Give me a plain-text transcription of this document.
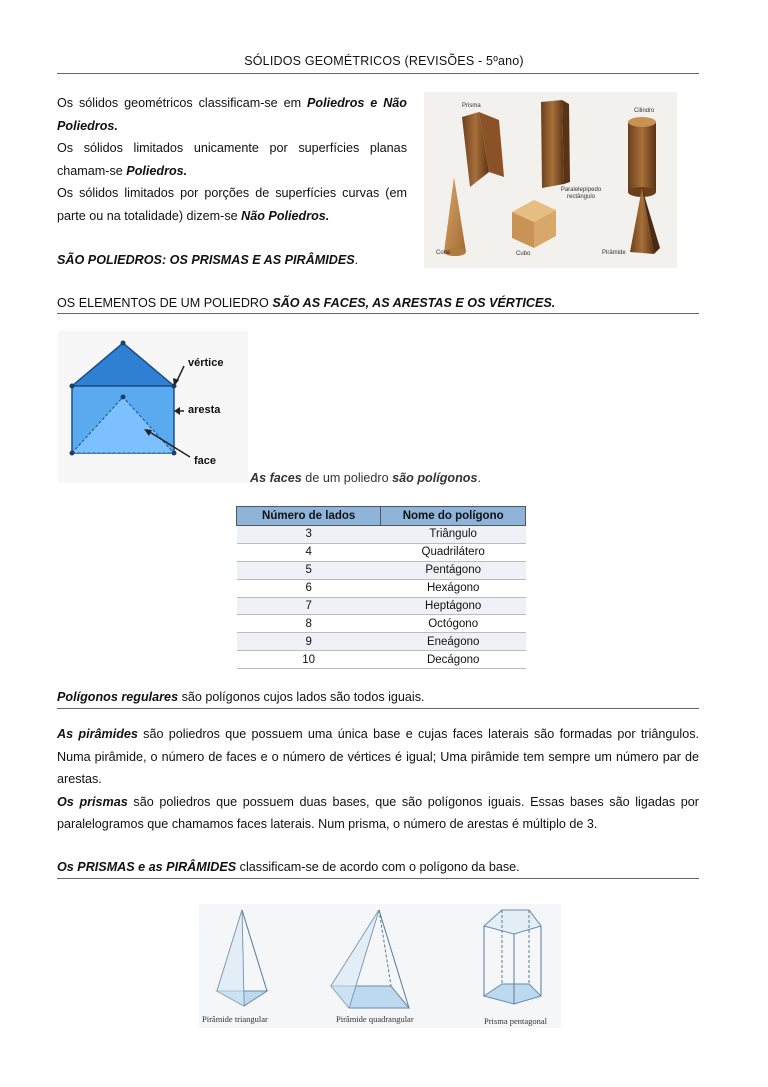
SÓLIDOS GEOMÉTRICOS (REVISÕES - 5ºano)

Os sólidos geométricos classificam-se em Poliedros e Não Poliedros.

Os sólidos limitados unicamente por superfícies planas chamam-se Poliedros.

Os sólidos limitados por porções de superfícies curvas (em parte ou na totalidade) dizem-se Não Poliedros.

SÃO POLIEDROS: OS PRISMAS E AS PIRÂMIDES.

Prisma
Cilindro
Paralelepípedo rectângulo
Cone	Cubo	Pirâmide
OS ELEMENTOS DE UM POLIEDRO SÃO AS FACES, AS ARESTAS E OS VÉRTICES.
vértice
aresta
face
As faces de um poliedro são polígonos.
Número de lados	Nome do polígono
3	Triângulo
4	Quadrilátero
5	Pentágono
6	Hexágono
7	Heptágono
8	Octógono
9	Eneágono
10	Decágono
Polígonos regulares são polígonos cujos lados são todos iguais.

As pirâmides são poliedros que possuem uma única base e cujas faces laterais são formadas por triângulos. Numa pirâmide, o número de faces e o número de vértices é igual; Uma pirâmide tem sempre um número par de arestas.

Os prismas são poliedros que possuem duas bases, que são polígonos iguais. Essas bases são ligadas por paralelogramos que chamamos faces laterais. Num prisma, o número de arestas é múltiplo de 3.

Os PRISMAS e as PIRÂMIDES classificam-se de acordo com o polígono da base.
Pirâmide triangular	Pirâmide quadrangular	Prisma pentagonal
